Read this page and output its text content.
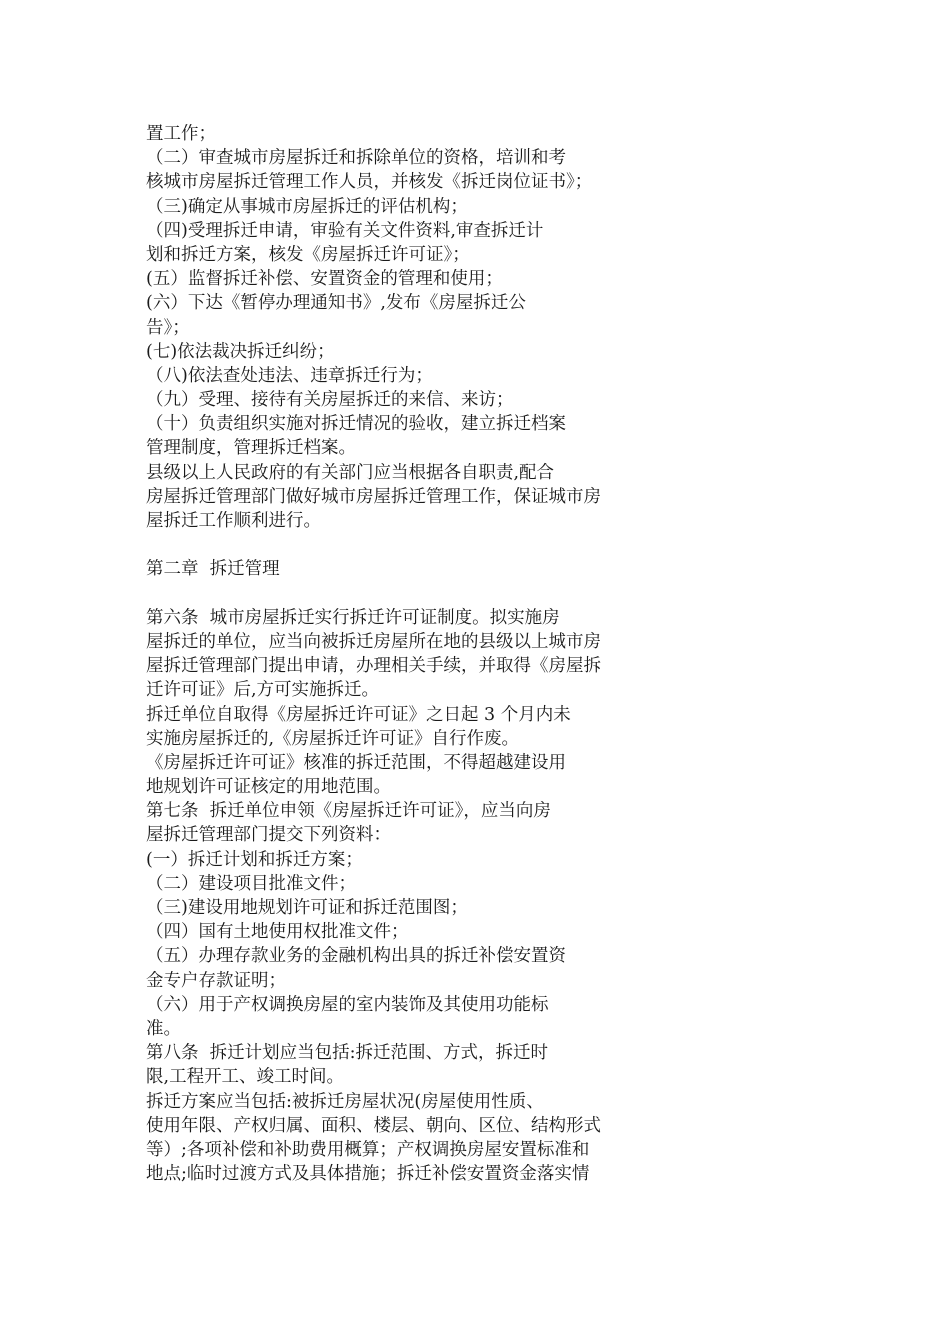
置工作；
（二）审查城市房屋拆迁和拆除单位的资格，培训和考
核城市房屋拆迁管理工作人员，并核发《拆迁岗位证书》；
（三)确定从事城市房屋拆迁的评估机构；
（四)受理拆迁申请，审验有关文件资料,审查拆迁计
划和拆迁方案，核发《房屋拆迁许可证》；
(五）监督拆迁补偿、安置资金的管理和使用；
(六）下达《暂停办理通知书》,发布《房屋拆迁公
告》；
(七)依法裁决拆迁纠纷；
（八)依法查处违法、违章拆迁行为；
（九）受理、接待有关房屋拆迁的来信、来访；
（十）负责组织实施对拆迁情况的验收，建立拆迁档案
管理制度，管理拆迁档案。
县级以上人民政府的有关部门应当根据各自职责,配合
房屋拆迁管理部门做好城市房屋拆迁管理工作，保证城市房
屋拆迁工作顺利进行。
第二章  拆迁管理
第六条  城市房屋拆迁实行拆迁许可证制度。拟实施房
屋拆迁的单位，应当向被拆迁房屋所在地的县级以上城市房
屋拆迁管理部门提出申请，办理相关手续，并取得《房屋拆
迁许可证》后,方可实施拆迁。
拆迁单位自取得《房屋拆迁许可证》之日起 3 个月内未
实施房屋拆迁的,《房屋拆迁许可证》自行作废。
《房屋拆迁许可证》核准的拆迁范围，不得超越建设用
地规划许可证核定的用地范围。
第七条  拆迁单位申领《房屋拆迁许可证》，应当向房
屋拆迁管理部门提交下列资料：
(一）拆迁计划和拆迁方案；
（二）建设项目批准文件；
（三)建设用地规划许可证和拆迁范围图；
（四）国有土地使用权批准文件；
（五）办理存款业务的金融机构出具的拆迁补偿安置资
金专户存款证明；
（六）用于产权调换房屋的室内装饰及其使用功能标
准。
第八条  拆迁计划应当包括:拆迁范围、方式，拆迁时
限,工程开工、竣工时间。
拆迁方案应当包括:被拆迁房屋状况(房屋使用性质、
使用年限、产权归属、面积、楼层、朝向、区位、结构形式
等）;各项补偿和补助费用概算；产权调换房屋安置标准和
地点;临时过渡方式及具体措施；拆迁补偿安置资金落实情
